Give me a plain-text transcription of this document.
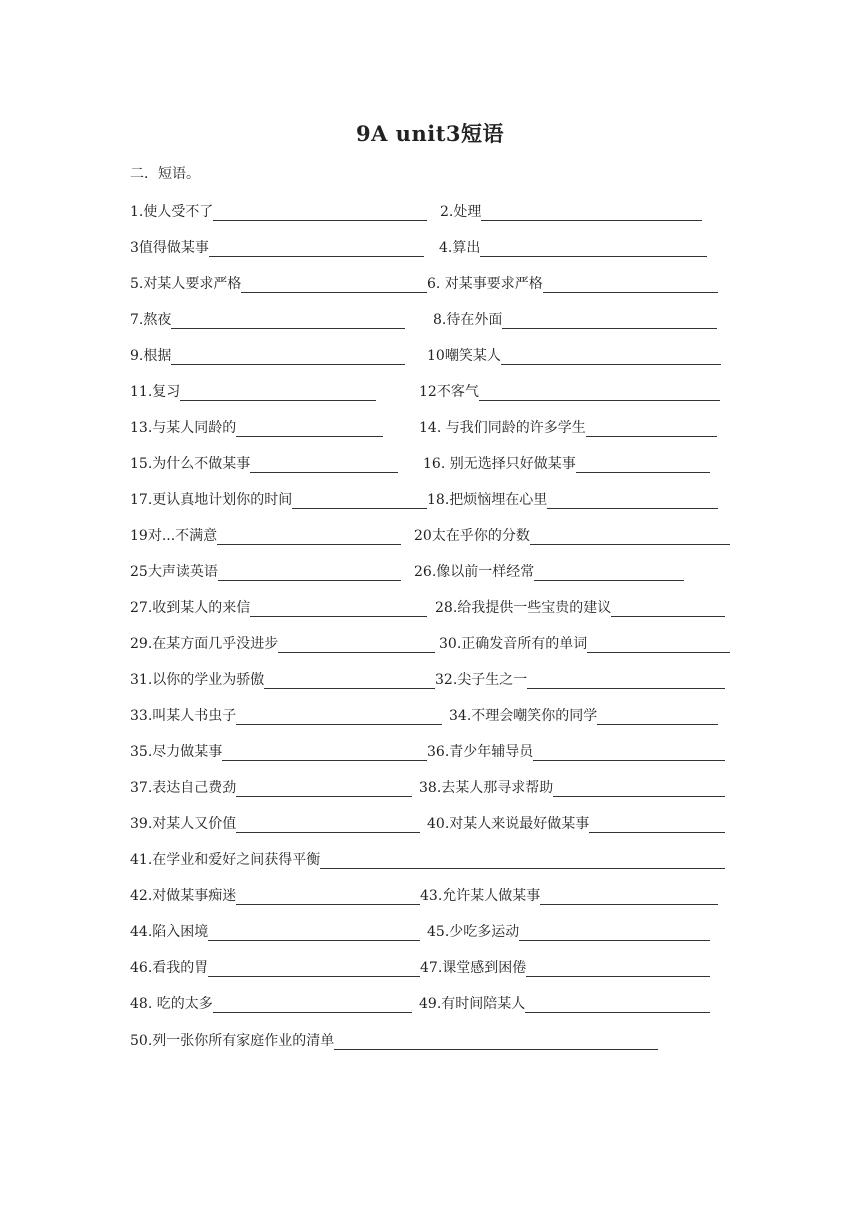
9A unit3短语
二．短语。
1.使人受不了	2.处理
3值得做某事	4.算出
5.对某人要求严格	6. 对某事要求严格
7.熬夜	8.待在外面
9.根据	10嘲笑某人
11.复习	12不客气
13.与某人同龄的	14. 与我们同龄的许多学生
15.为什么不做某事	16. 别无选择只好做某事
17.更认真地计划你的时间	18.把烦恼埋在心里
19对...不满意	20太在乎你的分数
25大声读英语	26.像以前一样经常
27.收到某人的来信	28.给我提供一些宝贵的建议
29.在某方面几乎没进步	30.正确发音所有的单词
31.以你的学业为骄傲	32.尖子生之一
33.叫某人书虫子	34.不理会嘲笑你的同学
35.尽力做某事	36.青少年辅导员
37.表达自己费劲	38.去某人那寻求帮助
39.对某人又价值	40.对某人来说最好做某事
41.在学业和爱好之间获得平衡
42.对做某事痴迷	43.允许某人做某事
44.陷入困境	45.少吃多运动
46.看我的胃	47.课堂感到困倦
48. 吃的太多	49.有时间陪某人
50.列一张你所有家庭作业的清单
